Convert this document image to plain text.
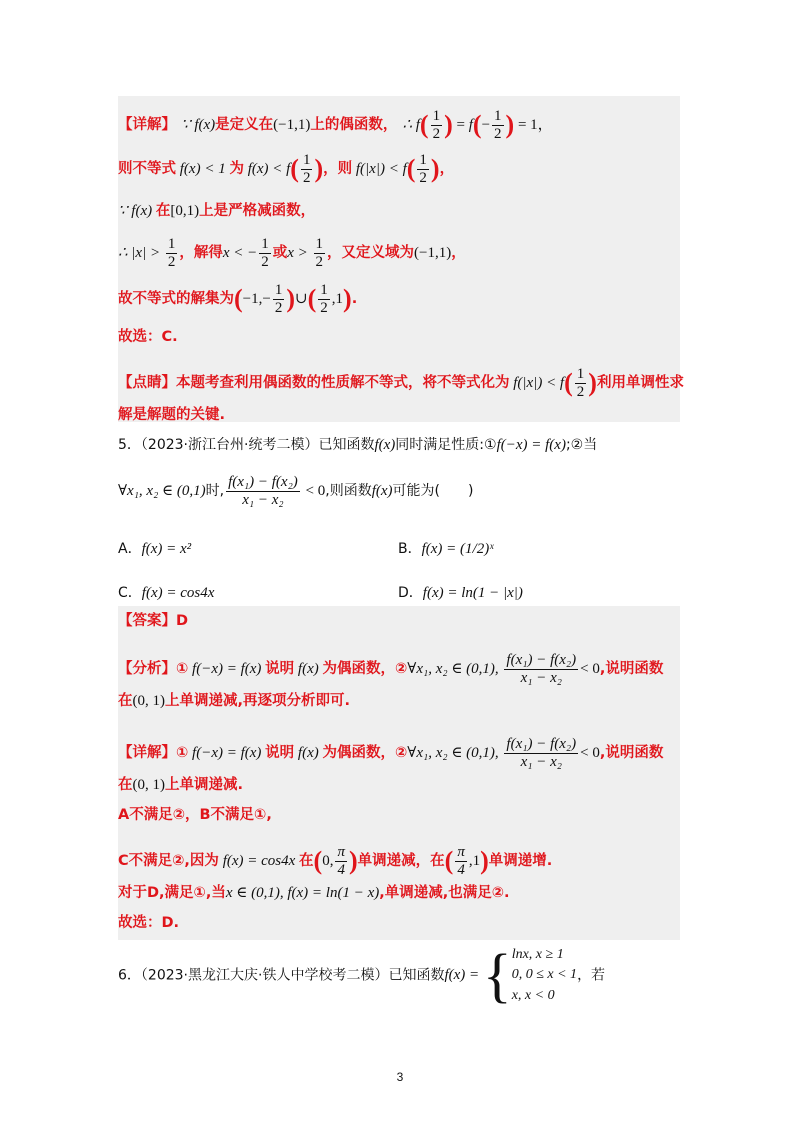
【详解】 ∵ f(x)是定义在(−1,1)上的偶函数， ∴ $f( \frac{1}{2}$ ) = $f(- \frac{1}{2}$ ) = 1，
则不等式 f(x) < 1 为 $f(x) < f( \frac{1}{2}$ )，则 $f(|x|) < f( \frac{1}{2}$ )，
∵ f(x) 在[0,1)上是严格减函数，
∴ $|x| > \frac{1}{2}$ ，解得x < − $\frac{1}{2}$ 或$x > \frac{1}{2}$ ，又定义域为(−1,1)，
故不等式的解集为($-1,- \frac{1}{2}$ )∪( $\frac{1}{2} ,1$).
故选：C.
【点睛】本题考查利用偶函数的性质解不等式，将不等式化为 $f(|x|) < f( \frac{1}{2}$ )利用单调性求
解是解题的关键.
5．（2023·浙江台州·统考二模）已知函数f(x)同时满足性质:①f(−x) = f(x);②当
∀x₁, x₂ ∈ (0,1)时, $\frac{\text{f(x₁) − f(x₂)}}{\text{x₁ − x₂}} < 0$,则函数f(x)可能为(　　)
A．f(x) = x²	B．f(x) = (1/2)ˣ
C．f(x) = cos4x	D．f(x) = ln(1 − |x|)
【答案】D
【分析】① f(−x) = f(x) 说明 f(x) 为偶函数，②∀x₁, x₂ ∈ (0,1), $\frac{\text{f(x₁) − f(x₂)}}{\text{x₁ − x₂}} < 0$,说明函数
在(0, 1)上单调递减,再逐项分析即可.
【详解】① f(−x) = f(x) 说明 f(x) 为偶函数，②∀x₁, x₂ ∈ (0,1), $\frac{\text{f(x₁) − f(x₂)}}{\text{x₁ − x₂}} < 0$,说明函数
在(0, 1)上单调递减.
A不满足②，B不满足①,
C不满足②,因为 f(x) = cos4x 在(0, $\frac{\pi}{4}$ )单调递减，在( $\frac{\pi}{4} ,1$)单调递增.
对于D,满足①,当x ∈ (0,1), f(x) = ln(1 − x),单调递减,也满足②.
故选：D.
6．（2023·黑龙江大庆·铁人中学校考二模）已知函数f(x) = { lnx, x ≥ 1
0, 0 ≤ x < 1
x, x < 0
，若
3
